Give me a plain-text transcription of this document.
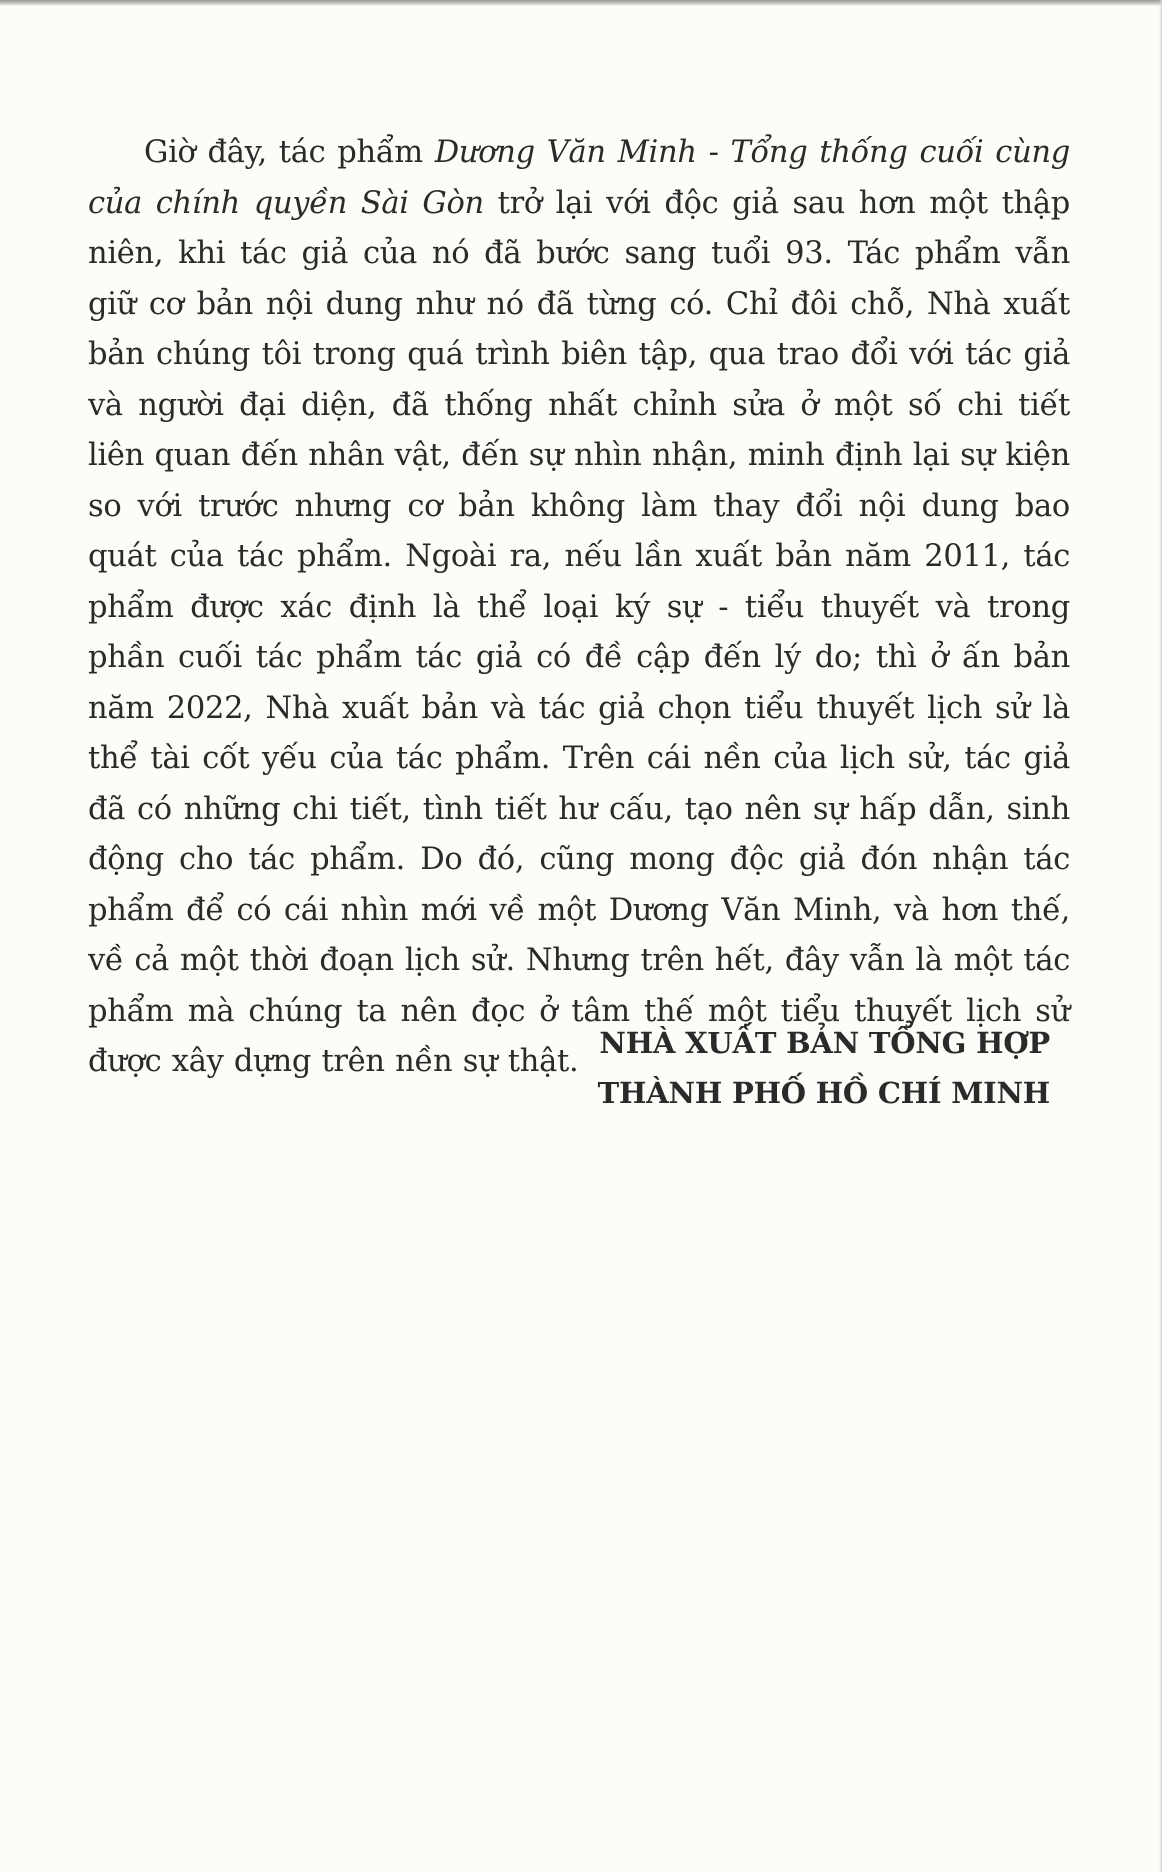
Giờ đây, tác phẩm Dương Văn Minh - Tổng thống cuối cùng của chính quyền Sài Gòn trở lại với độc giả sau hơn một thập niên, khi tác giả của nó đã bước sang tuổi 93. Tác phẩm vẫn giữ cơ bản nội dung như nó đã từng có. Chỉ đôi chỗ, Nhà xuất bản chúng tôi trong quá trình biên tập, qua trao đổi với tác giả và người đại diện, đã thống nhất chỉnh sửa ở một số chi tiết liên quan đến nhân vật, đến sự nhìn nhận, minh định lại sự kiện so với trước nhưng cơ bản không làm thay đổi nội dung bao quát của tác phẩm. Ngoài ra, nếu lần xuất bản năm 2011, tác phẩm được xác định là thể loại ký sự - tiểu thuyết và trong phần cuối tác phẩm tác giả có đề cập đến lý do; thì ở ấn bản năm 2022, Nhà xuất bản và tác giả chọn tiểu thuyết lịch sử là thể tài cốt yếu của tác phẩm. Trên cái nền của lịch sử, tác giả đã có những chi tiết, tình tiết hư cấu, tạo nên sự hấp dẫn, sinh động cho tác phẩm. Do đó, cũng mong độc giả đón nhận tác phẩm để có cái nhìn mới về một Dương Văn Minh, và hơn thế, về cả một thời đoạn lịch sử. Nhưng trên hết, đây vẫn là một tác phẩm mà chúng ta nên đọc ở tâm thế một tiểu thuyết lịch sử được xây dựng trên nền sự thật.

NHÀ XUẤT BẢN TỔNG HỢP
THÀNH PHỐ HỒ CHÍ MINH
